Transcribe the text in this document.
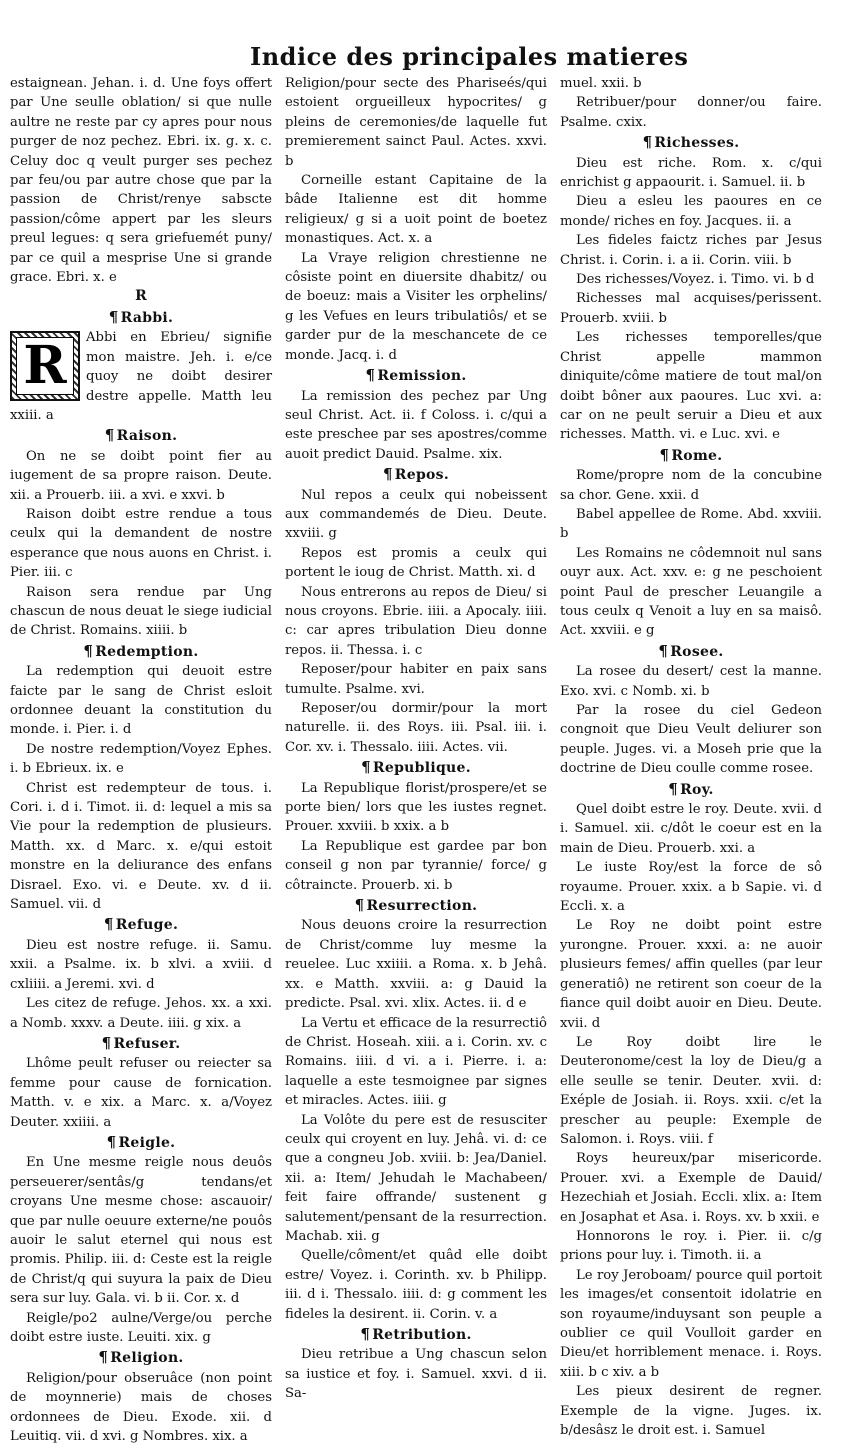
Indice des principales matieres

estaignean. Jehan. i. d. Une foys offert par Une seulle oblation/ si que nulle aultre ne reste par cy apres pour nous purger de noz pechez. Ebri. ix. g. x. c. Celuy doc q veult purger ses pechez par feu/ou par autre chose que par la passion de Christ/renye sabscte passion/côme appert par les sleurs preul legues: q sera griefuemét puny/ par ce quil a mesprise Une si grande grace. Ebri. x. e

R
¶ Rabbi.
R	Abbi en Ebrieu/ signifie mon maistre. Jeh. i. e/ce quoy ne doibt desirer destre appelle. Matth leu xxiii. a

¶ Raison.

On ne se doibt point fier au iugement de sa propre raison. Deute. xii. a Prouerb. iii. a xvi. e xxvi. b

Raison doibt estre rendue a tous ceulx qui la demandent de nostre esperance que nous auons en Christ. i. Pier. iii. c

Raison sera rendue par Ung chascun de nous deuat le siege iudicial de Christ. Romains. xiiii. b

¶ Redemption.

La redemption qui deuoit estre faicte par le sang de Christ esloit ordonnee deuant la constitution du monde. i. Pier. i. d

De nostre redemption/Voyez Ephes. i. b Ebrieux. ix. e

Christ est redempteur de tous. i. Cori. i. d i. Timot. ii. d: lequel a mis sa Vie pour la redemption de plusieurs. Matth. xx. d Marc. x. e/qui estoit monstre en la deliurance des enfans Disrael. Exo. vi. e Deute. xv. d ii. Samuel. vii. d

¶ Refuge.

Dieu est nostre refuge. ii. Samu. xxii. a Psalme. ix. b xlvi. a xviii. d cxliiii. a Jeremi. xvi. d

Les citez de refuge. Jehos. xx. a xxi. a Nomb. xxxv. a Deute. iiii. g xix. a

¶ Refuser.

Lhôme peult refuser ou reiecter sa femme pour cause de fornication. Matth. v. e xix. a Marc. x. a/Voyez Deuter. xxiiii. a

¶ Reigle.

En Une mesme reigle nous deuôs perseuerer/sentâs/g tendans/et croyans Une mesme chose: ascauoir/ que par nulle oeuure externe/ne pouôs auoir le salut eternel qui nous est promis. Philip. iii. d: Ceste est la reigle de Christ/q qui suyura la paix de Dieu sera sur luy. Gala. vi. b ii. Cor. x. d

Reigle/po2 aulne/Verge/ou perche doibt estre iuste. Leuiti. xix. g

¶ Religion.

Religion/pour obseruâce (non point de moynnerie) mais de choses ordonnees de Dieu. Exode. xii. d Leuitiq. vii. d xvi. g Nombres. xix. a

Religion/pour secte des Phariseés/qui estoient orgueilleux hypocrites/ g pleins de ceremonies/de laquelle fut premierement sainct Paul. Actes. xxvi. b

Corneille estant Capitaine de la bâde Italienne est dit homme religieux/ g si a uoit point de boetez monastiques. Act. x. a

La Vraye religion chrestienne ne côsiste point en diuersite dhabitz/ ou de boeuz: mais a Visiter les orphelins/ g les Vefues en leurs tribulatiôs/ et se garder pur de la meschancete de ce monde. Jacq. i. d

¶ Remission.

La remission des pechez par Ung seul Christ. Act. ii. f Coloss. i. c/qui a este preschee par ses apostres/comme auoit predict Dauid. Psalme. xix.

¶ Repos.

Nul repos a ceulx qui nobeissent aux commandemés de Dieu. Deute. xxviii. g

Repos est promis a ceulx qui portent le ioug de Christ. Matth. xi. d

Nous entrerons au repos de Dieu/ si nous croyons. Ebrie. iiii. a Apocaly. iiii. c: car apres tribulation Dieu donne repos. ii. Thessa. i. c

Reposer/pour habiter en paix sans tumulte. Psalme. xvi.

Reposer/ou dormir/pour la mort naturelle. ii. des Roys. iii. Psal. iii. i. Cor. xv. i. Thessalo. iiii. Actes. vii.

¶ Republique.

La Republique florist/prospere/et se porte bien/ lors que les iustes regnet. Prouer. xxviii. b xxix. a b

La Republique est gardee par bon conseil g non par tyrannie/ force/ g côtraincte. Prouerb. xi. b

¶ Resurrection.

Nous deuons croire la resurrection de Christ/comme luy mesme la reuelee. Luc xxiiii. a Roma. x. b Jehâ. xx. e Matth. xxviii. a: g Dauid la predicte. Psal. xvi. xlix. Actes. ii. d e

La Vertu et efficace de la resurrectiô de Christ. Hoseah. xiii. a i. Corin. xv. c Romains. iiii. d vi. a i. Pierre. i. a: laquelle a este tesmoignee par signes et miracles. Actes. iiii. g

La Volôte du pere est de resusciter ceulx qui croyent en luy. Jehâ. vi. d: ce que a congneu Job. xviii. b: Jea/Daniel. xii. a: Item/ Jehudah le Machabeen/ feit faire offrande/ sustenent g salutement/pensant de la resurrection. Machab. xii. g

Quelle/côment/et quâd elle doibt estre/ Voyez. i. Corinth. xv. b Philipp. iii. d i. Thessalo. iiii. d: g comment les fideles la desirent. ii. Corin. v. a

¶ Retribution.

Dieu retribue a Ung chascun selon sa iustice et foy. i. Samuel. xxvi. d ii. Sa-

muel. xxii. b

Retribuer/pour donner/ou faire. Psalme. cxix.

¶ Richesses.

Dieu est riche. Rom. x. c/qui enrichist g appaourit. i. Samuel. ii. b

Dieu a esleu les paoures en ce monde/ riches en foy. Jacques. ii. a

Les fideles faictz riches par Jesus Christ. i. Corin. i. a ii. Corin. viii. b

Des richesses/Voyez. i. Timo. vi. b d

Richesses mal acquises/perissent. Prouerb. xviii. b

Les richesses temporelles/que Christ appelle mammon diniquite/côme matiere de tout mal/on doibt bôner aux paoures. Luc xvi. a: car on ne peult seruir a Dieu et aux richesses. Matth. vi. e Luc. xvi. e

¶ Rome.

Rome/propre nom de la concubine sa chor. Gene. xxii. d

Babel appellee de Rome. Abd. xxviii. b

Les Romains ne côdemnoit nul sans ouyr aux. Act. xxv. e: g ne peschoient point Paul de prescher Leuangile a tous ceulx q Venoit a luy en sa maisô. Act. xxviii. e g

¶ Rosee.

La rosee du desert/ cest la manne. Exo. xvi. c Nomb. xi. b

Par la rosee du ciel Gedeon congnoit que Dieu Veult deliurer son peuple. Juges. vi. a Moseh prie que la doctrine de Dieu coulle comme rosee.

¶ Roy.

Quel doibt estre le roy. Deute. xvii. d i. Samuel. xii. c/dôt le coeur est en la main de Dieu. Prouerb. xxi. a

Le iuste Roy/est la force de sô royaume. Prouer. xxix. a b Sapie. vi. d Eccli. x. a

Le Roy ne doibt point estre yurongne. Prouer. xxxi. a: ne auoir plusieurs femes/ affin quelles (par leur generatiô) ne retirent son coeur de la fiance quil doibt auoir en Dieu. Deute. xvii. d

Le Roy doibt lire le Deuteronome/cest la loy de Dieu/g a elle seulle se tenir. Deuter. xvii. d: Exéple de Josiah. ii. Roys. xxii. c/et la prescher au peuple: Exemple de Salomon. i. Roys. viii. f

Roys heureux/par misericorde. Prouer. xvi. a Exemple de Dauid/ Hezechiah et Josiah. Eccli. xlix. a: Item en Josaphat et Asa. i. Roys. xv. b xxii. e

Honnorons le roy. i. Pier. ii. c/g prions pour luy. i. Timoth. ii. a

Le roy Jeroboam/ pource quil portoit les images/et consentoit idolatrie en son royaume/induysant son peuple a oublier ce quil Voulloit garder en Dieu/et horriblement menace. i. Roys. xiii. b c xiv. a b

Les pieux desirent de regner. Exemple de la vigne. Juges. ix. b/desâsz le droit est. i. Samuel
